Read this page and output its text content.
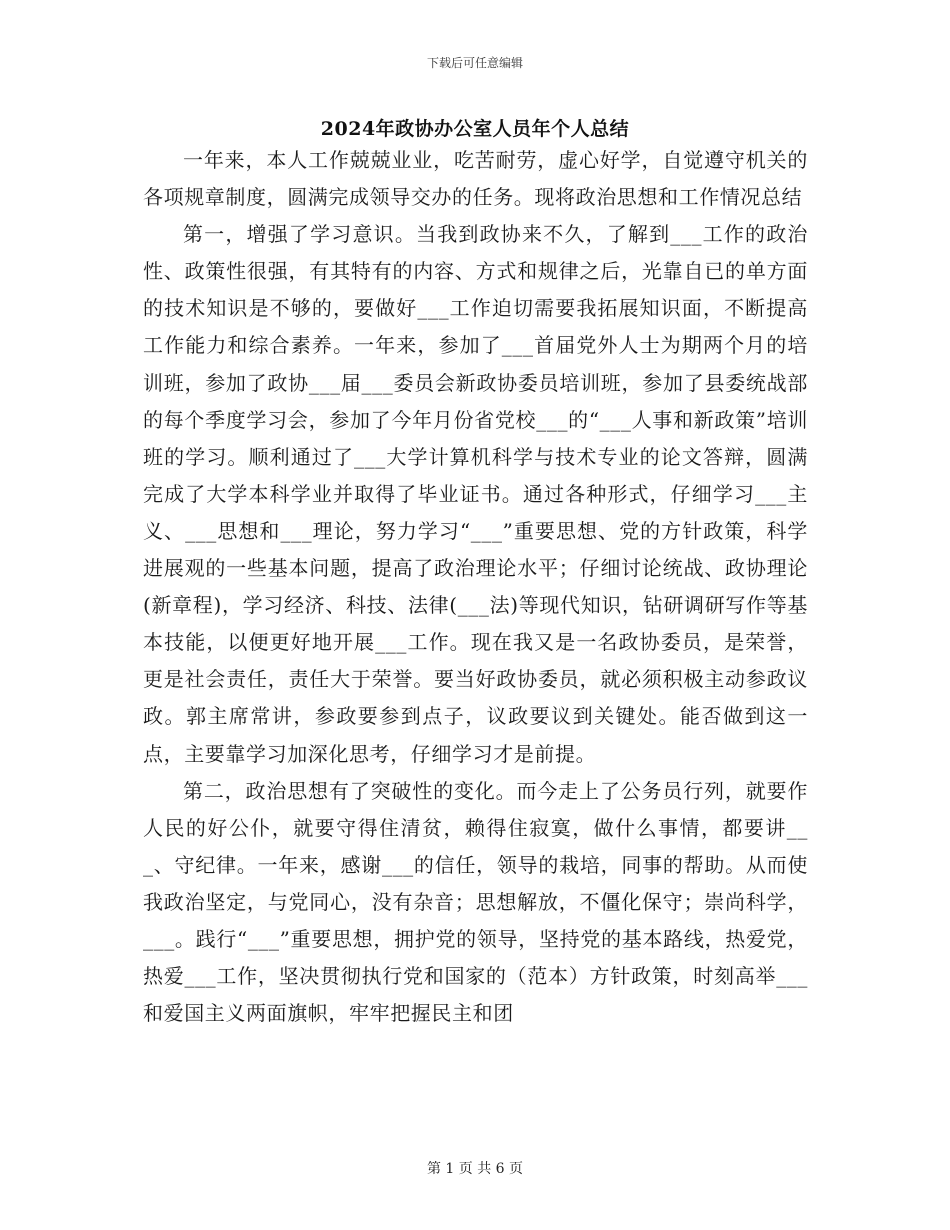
下载后可任意编辑
2024年政协办公室人员年个人总结

一年来，本人工作兢兢业业，吃苦耐劳，虚心好学，自觉遵守机关的各项规章制度，圆满完成领导交办的任务。现将政治思想和工作情况总结

第一，增强了学习意识。当我到政协来不久，了解到___工作的政治性、政策性很强，有其特有的内容、方式和规律之后，光靠自已的单方面的技术知识是不够的，要做好___工作迫切需要我拓展知识面，不断提高工作能力和综合素养。一年来，参加了___首届党外人士为期两个月的培训班，参加了政协___届___委员会新政协委员培训班，参加了县委统战部的每个季度学习会，参加了今年月份省党校___的“___人事和新政策”培训班的学习。顺利通过了___大学计算机科学与技术专业的论文答辩，圆满完成了大学本科学业并取得了毕业证书。通过各种形式，仔细学习___主义、___思想和___理论，努力学习“___”重要思想、党的方针政策，科学进展观的一些基本问题，提高了政治理论水平；仔细讨论统战、政协理论(新章程)，学习经济、科技、法律(___法)等现代知识，钻研调研写作等基本技能，以便更好地开展___工作。现在我又是一名政协委员，是荣誉，更是社会责任，责任大于荣誉。要当好政协委员，就必须积极主动参政议政。郭主席常讲，参政要参到点子，议政要议到关键处。能否做到这一点，主要靠学习加深化思考，仔细学习才是前提。

第二，政治思想有了突破性的变化。而今走上了公务员行列，就要作人民的好公仆，就要守得住清贫，赖得住寂寞，做什么事情，都要讲___、守纪律。一年来，感谢___的信任，领导的栽培，同事的帮助。从而使我政治坚定，与党同心，没有杂音；思想解放，不僵化保守；崇尚科学，___。践行“___”重要思想，拥护党的领导，坚持党的基本路线，热爱党，热爱___工作，坚决贯彻执行党和国家的（范本）方针政策，时刻高举___和爱国主义两面旗帜，牢牢把握民主和团

第 1 页 共 6 页
